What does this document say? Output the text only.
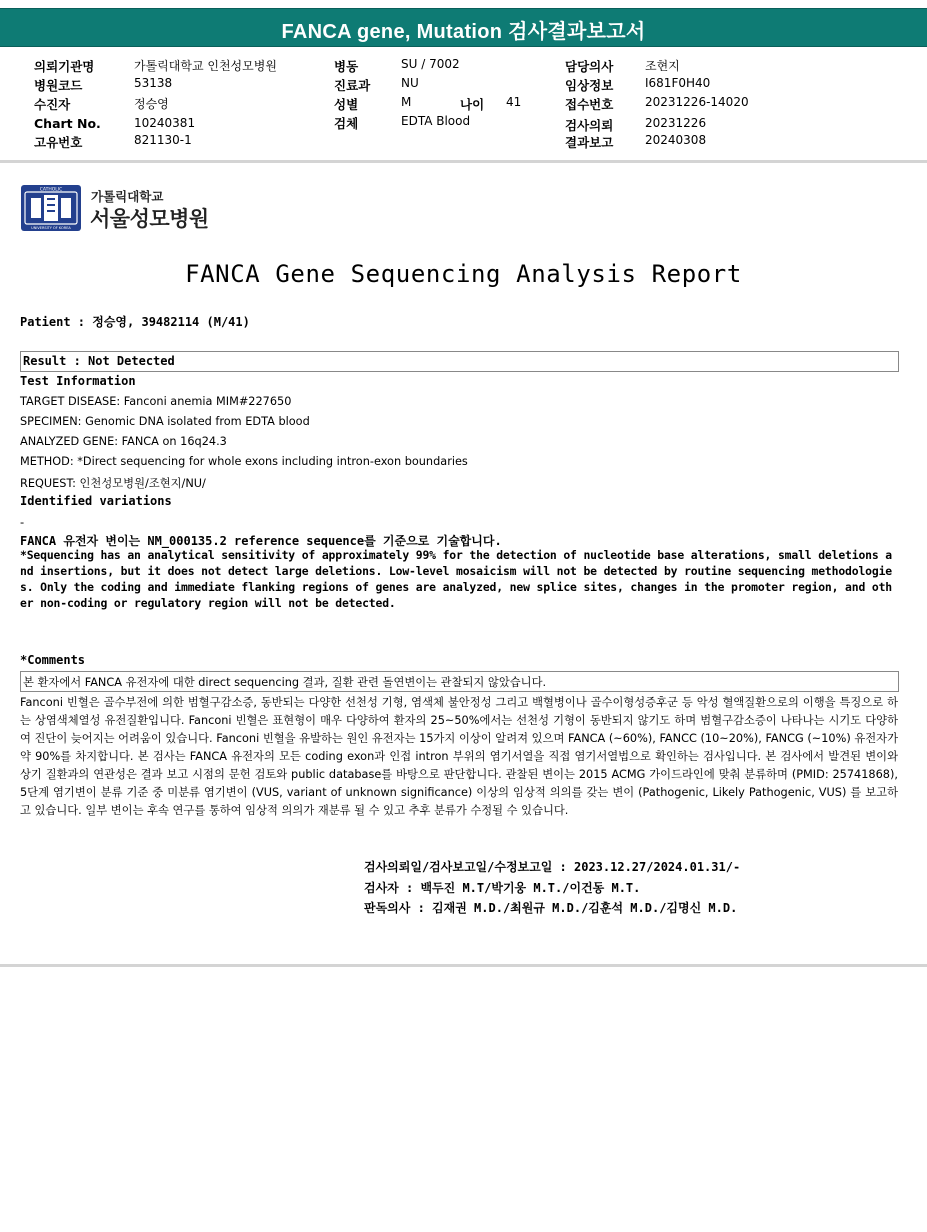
FANCA gene, Mutation 검사결과보고서
의뢰기관명	가톨릭대학교 인천성모병원
병원코드	53138
수진자	정승영
Chart No.	10240381
고유번호	821130-1
병동	SU / 7002
진료과	NU
성별	M	나이 41
검체	EDTA Blood
담당의사	조현지
임상정보	I681F0H40
접수번호	20231226-14020
검사의뢰	20231226
결과보고	20240308
CATHOLIC
UNIVERSITY OF KOREA
가톨릭대학교
서울성모병원
FANCA Gene Sequencing Analysis Report
Patient : 정승영, 39482114 (M/41)
Result : Not Detected
Test Information
TARGET DISEASE: Fanconi anemia MIM#227650
SPECIMEN: Genomic DNA isolated from EDTA blood
ANALYZED GENE: FANCA on 16q24.3
METHOD: *Direct sequencing for whole exons including intron-exon boundaries
REQUEST: 인천성모병원/조현지/NU/
Identified variations
-
FANCA 유전자 변이는 NM_000135.2 reference sequence를 기준으로 기술합니다.
*Sequencing has an analytical sensitivity of approximately 99% for the detection of nucleotide base alterations, small deletions and insertions, but it does not detect large deletions. Low-level mosaicism will not be detected by routine sequencing methodologies. Only the coding and immediate flanking regions of genes are analyzed, new splice sites, changes in the promoter region, and other non-coding or regulatory region will not be detected.
*Comments
본 환자에서 FANCA 유전자에 대한 direct sequencing 결과, 질환 관련 돌연변이는 관찰되지 않았습니다.
Fanconi 빈혈은 골수부전에 의한 범혈구감소증, 동반되는 다양한 선천성 기형, 염색체 불안정성 그리고 백혈병이나 골수이형성증후군 등 악성 혈액질환으로의 이행을 특징으로 하는 상염색체열성 유전질환입니다. Fanconi 빈혈은 표현형이 매우 다양하여 환자의 25~50%에서는 선천성 기형이 동반되지 않기도 하며 범혈구감소증이 나타나는 시기도 다양하여 진단이 늦어지는 어려움이 있습니다. Fanconi 빈혈을 유발하는 원인 유전자는 15가지 이상이 알려져 있으며 FANCA (~60%), FANCC (10~20%), FANCG (~10%) 유전자가 약 90%를 차지합니다. 본 검사는 FANCA 유전자의 모든 coding exon과 인접 intron 부위의 염기서열을 직접 염기서열법으로 확인하는 검사입니다. 본 검사에서 발견된 변이와 상기 질환과의 연관성은 결과 보고 시점의 문헌 검토와 public database를 바탕으로 판단합니다. 관찰된 변이는 2015 ACMG 가이드라인에 맞춰 분류하며 (PMID: 25741868), 5단계 염기변이 분류 기준 중 미분류 염기변이 (VUS, variant of unknown significance) 이상의 임상적 의의를 갖는 변이 (Pathogenic, Likely Pathogenic, VUS) 를 보고하고 있습니다. 일부 변이는 후속 연구를 통하여 임상적 의의가 재분류 될 수 있고 추후 분류가 수정될 수 있습니다.
검사의뢰일/검사보고일/수정보고일 : 2023.12.27/2024.01.31/-
검사자 : 백두진 M.T/박기웅 M.T./이건동 M.T.
판독의사 : 김재권 M.D./최원규 M.D./김훈석 M.D./김명신 M.D.
